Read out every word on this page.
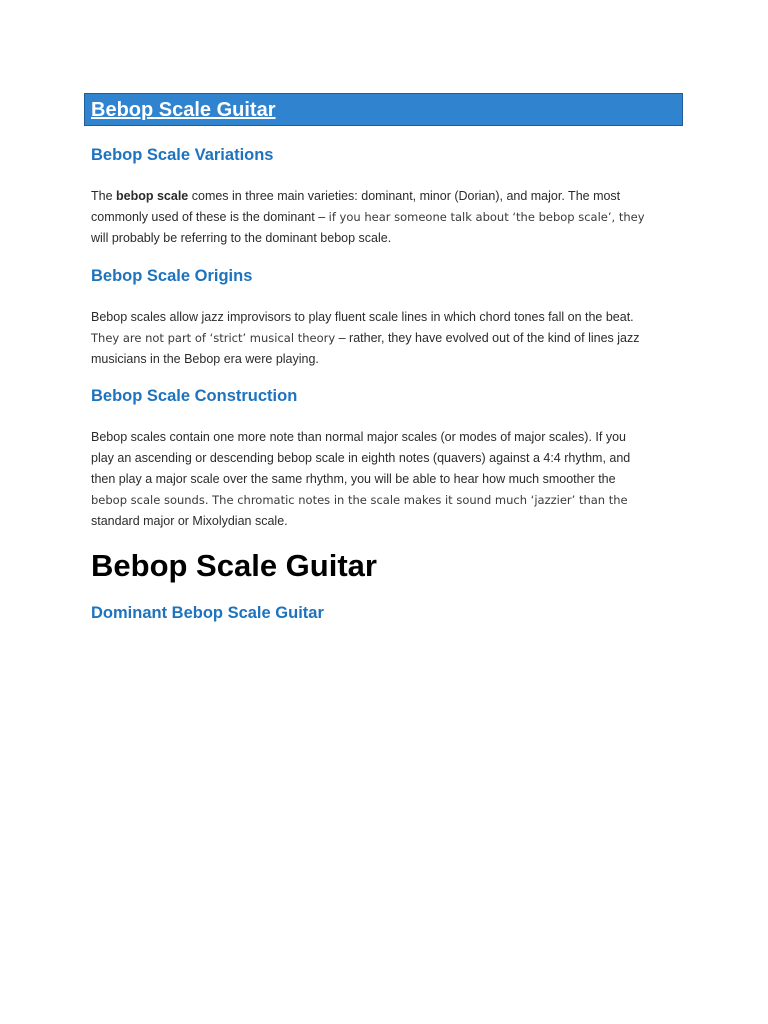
Bebop Scale Guitar
Bebop Scale Variations
The bebop scale comes in three main varieties: dominant, minor (Dorian), and major. The most
commonly used of these is the dominant – if you hear someone talk about ‘the bebop scale’, they
will probably be referring to the dominant bebop scale.
Bebop Scale Origins
Bebop scales allow jazz improvisors to play fluent scale lines in which chord tones fall on the beat.
They are not part of ‘strict’ musical theory – rather, they have evolved out of the kind of lines jazz
musicians in the Bebop era were playing.
Bebop Scale Construction
Bebop scales contain one more note than normal major scales (or modes of major scales). If you
play an ascending or descending bebop scale in eighth notes (quavers) against a 4:4 rhythm, and
then play a major scale over the same rhythm, you will be able to hear how much smoother the
bebop scale sounds. The chromatic notes in the scale makes it sound much ‘jazzier’ than the
standard major or Mixolydian scale.
Bebop Scale Guitar
Dominant Bebop Scale Guitar
